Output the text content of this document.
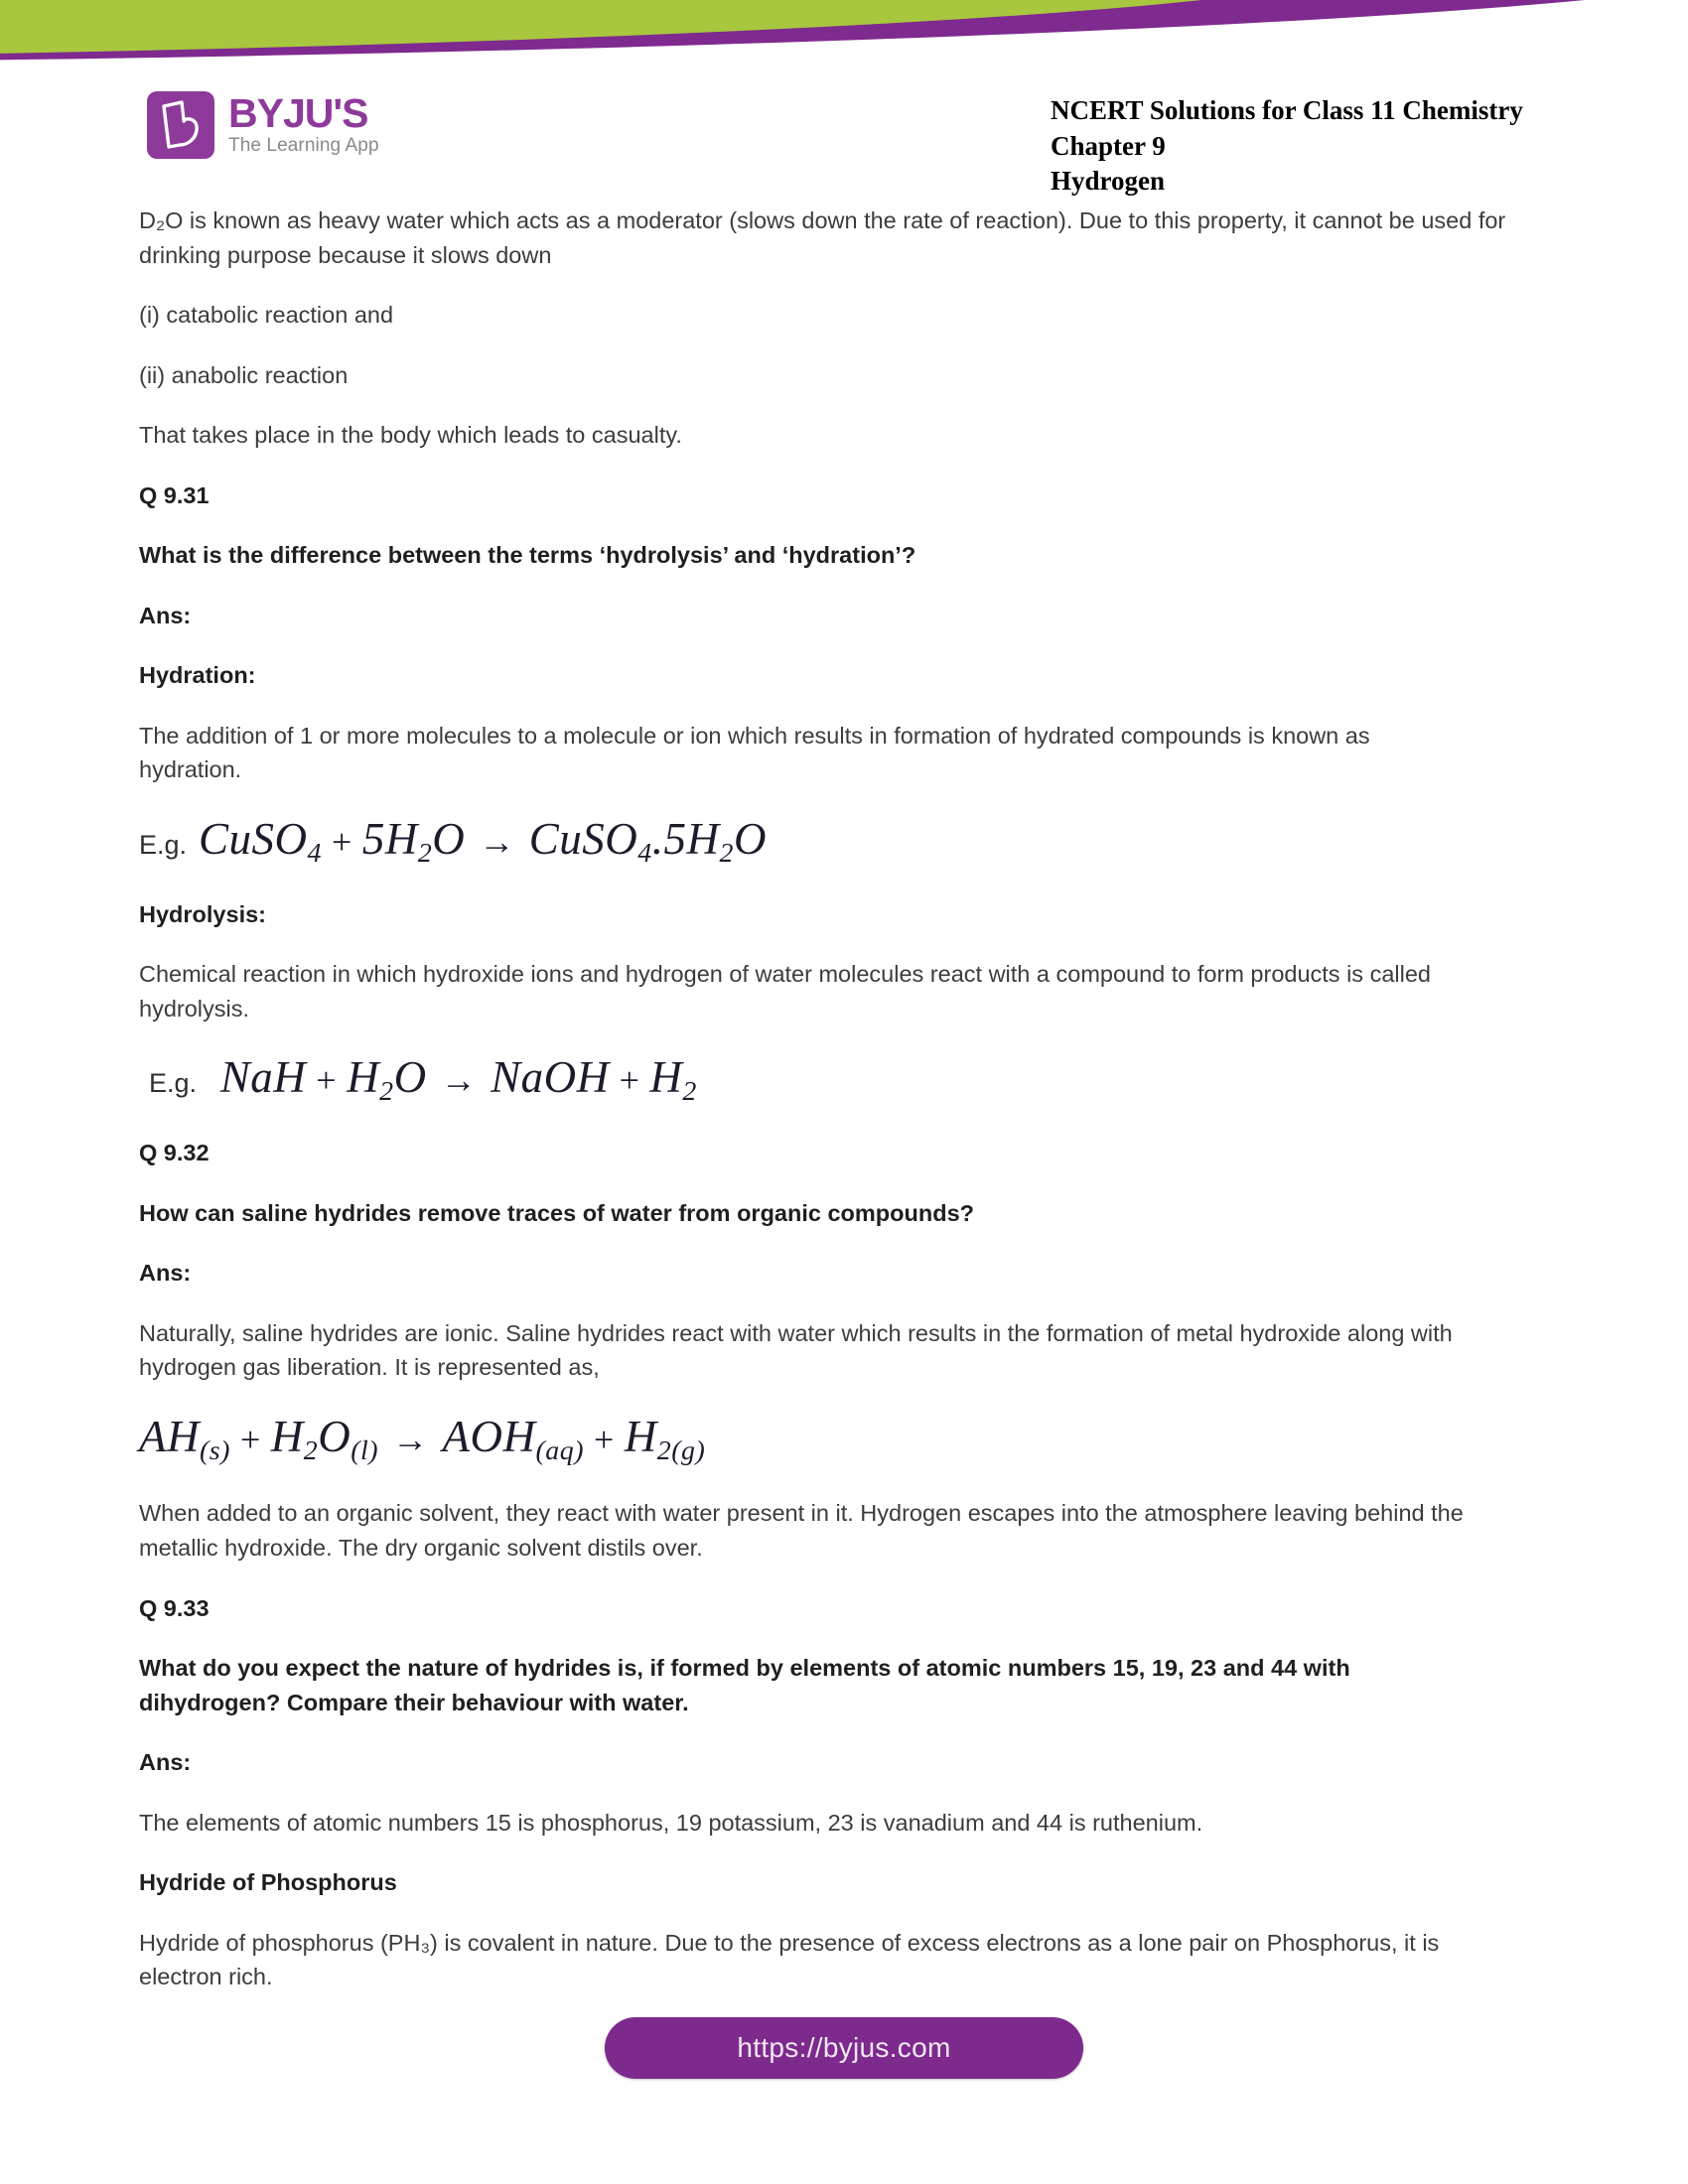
BYJU'S
The Learning App
NCERT Solutions for Class 11 Chemistry Chapter 9
Hydrogen

D₂O is known as heavy water which acts as a moderator (slows down the rate of reaction). Due to this property, it cannot be used for drinking purpose because it slows down

(i) catabolic reaction and

(ii) anabolic reaction

That takes place in the body which leads to casualty.

Q 9.31

What is the difference between the terms ‘hydrolysis’ and ‘hydration’?

Ans:

Hydration:

The addition of 1 or more molecules to a molecule or ion which results in formation of hydrated compounds is known as hydration.

E.g. CuSO4 + 5H2O → CuSO4.5H2O

Hydrolysis:

Chemical reaction in which hydroxide ions and hydrogen of water molecules react with a compound to form products is called hydrolysis.

E.g. NaH + H2O → NaOH + H2

Q 9.32

How can saline hydrides remove traces of water from organic compounds?

Ans:

Naturally, saline hydrides are ionic. Saline hydrides react with water which results in the formation of metal hydroxide along with hydrogen gas liberation. It is represented as,

AH(s) + H2O(l) → AOH(aq) + H2(g)

When added to an organic solvent, they react with water present in it. Hydrogen escapes into the atmosphere leaving behind the metallic hydroxide. The dry organic solvent distils over.

Q 9.33

What do you expect the nature of hydrides is, if formed by elements of atomic numbers 15, 19, 23 and 44 with dihydrogen? Compare their behaviour with water.

Ans:

The elements of atomic numbers 15 is phosphorus, 19 potassium, 23 is vanadium and 44 is ruthenium.

Hydride of Phosphorus

Hydride of phosphorus (PH₃) is covalent in nature. Due to the presence of excess electrons as a lone pair on Phosphorus, it is electron rich.

https://byjus.com
